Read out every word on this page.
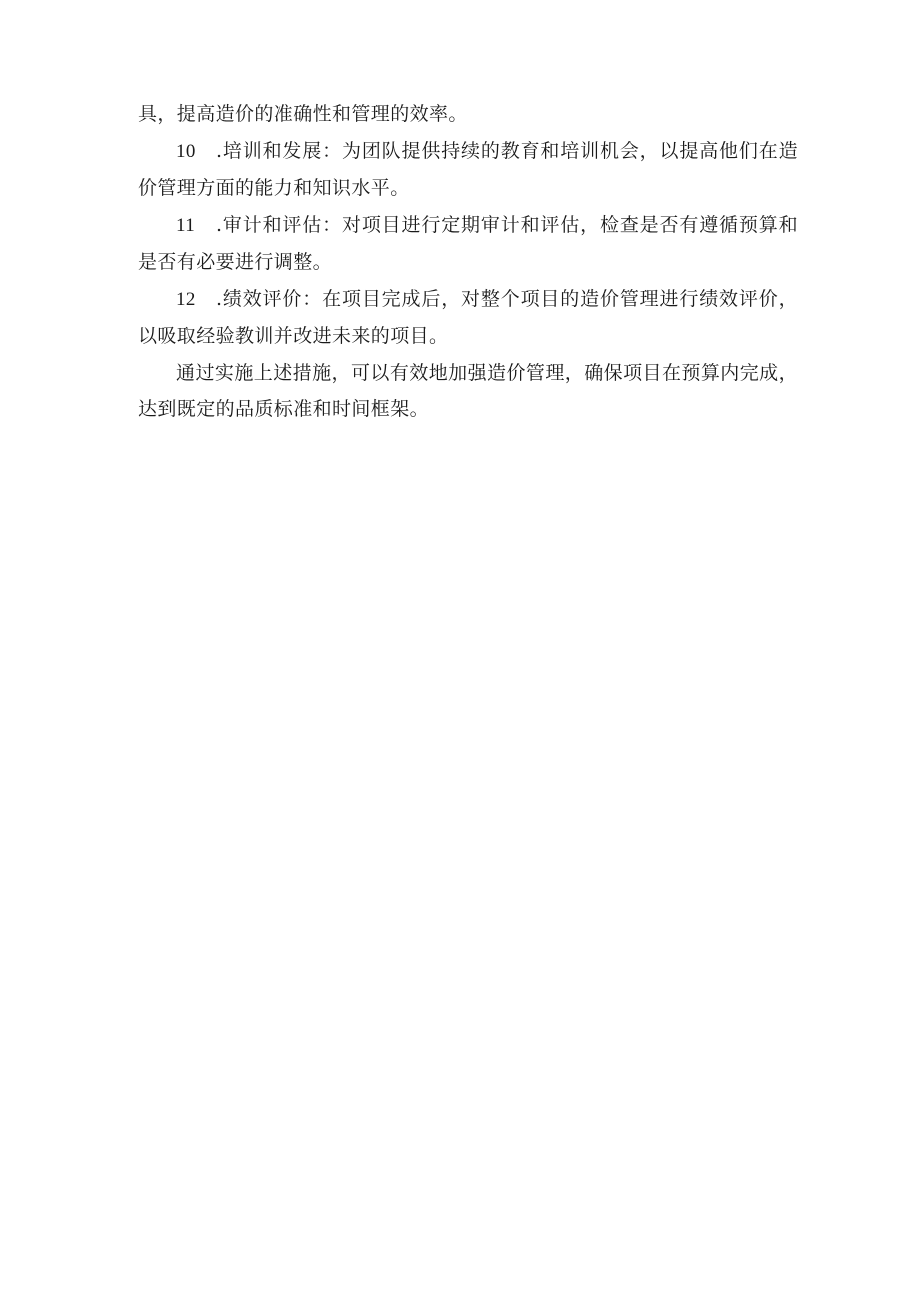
具，提高造价的准确性和管理的效率。

10 .培训和发展：为团队提供持续的教育和培训机会，以提高他们在造价管理方面的能力和知识水平。

11 .审计和评估：对项目进行定期审计和评估，检查是否有遵循预算和是否有必要进行调整。

12 .绩效评价：在项目完成后，对整个项目的造价管理进行绩效评价，以吸取经验教训并改进未来的项目。

通过实施上述措施，可以有效地加强造价管理，确保项目在预算内完成，达到既定的品质标准和时间框架。
